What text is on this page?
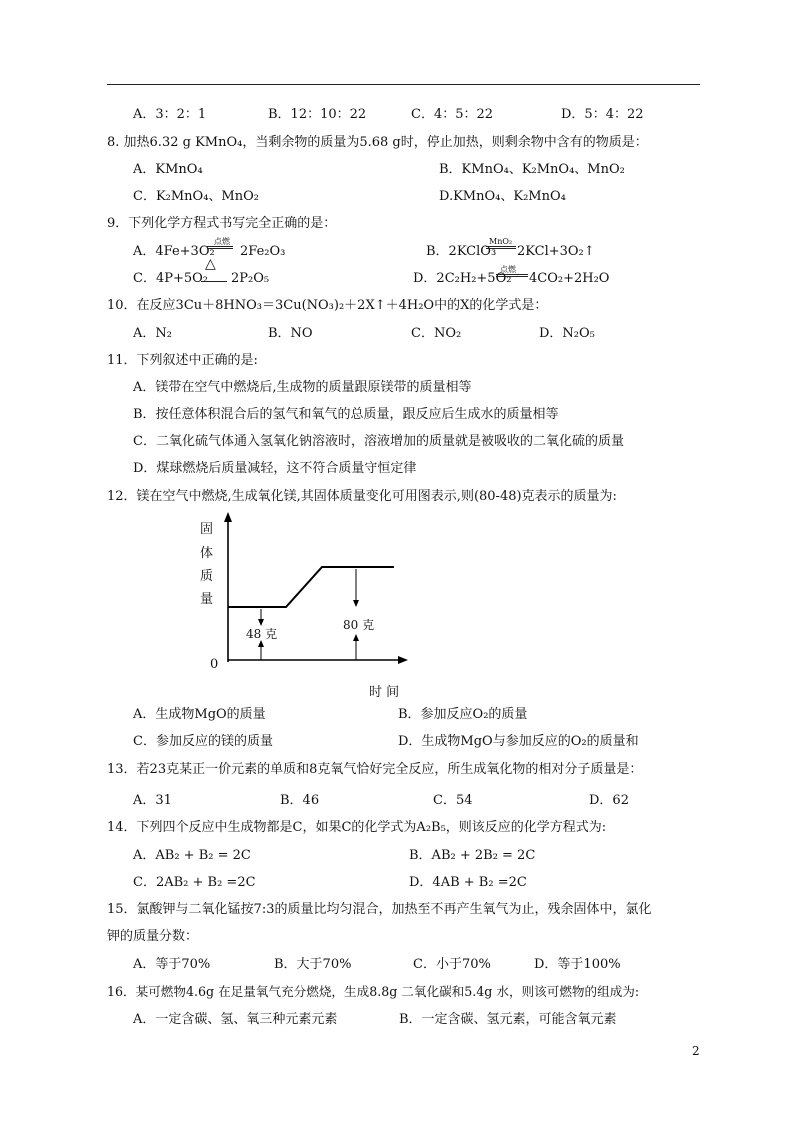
A．3：2：1	B．12：10：22	C．4：5：22	D．5：4：22
8. 加热6.32 g KMnO₄，当剩余物的质量为5.68 g时，停止加热，则剩余物中含有的物质是：
A．KMnO₄	B．KMnO₄、K₂MnO₄、MnO₂
C．K₂MnO₄、MnO₂	D.KMnO₄、K₂MnO₄
9．下列化学方程式书写完全正确的是：
A．4Fe+3O₂
点燃
2Fe₂O₃	B．2KClO₃
MnO₂
2KCl+3O₂↑
C．4P+5O₂
△
2P₂O₅	D．2C₂H₂+5O₂
点燃
4CO₂+2H₂O
10．在反应3Cu＋8HNO₃＝3Cu(NO₃)₂＋2X↑＋4H₂O中的X的化学式是：
A．N₂	B．NO	C．NO₂	D．N₂O₅
11．下列叙述中正确的是:
A．镁带在空气中燃烧后,生成物的质量跟原镁带的质量相等
B．按任意体积混合后的氢气和氧气的总质量，跟反应后生成水的质量相等
C．二氧化硫气体通入氢氧化钠溶液时，溶液增加的质量就是被吸收的二氧化硫的质量
D．煤球燃烧后质量减轻，这不符合质量守恒定律
12．镁在空气中燃烧,生成氧化镁,其固体质量变化可用图表示,则(80-48)克表示的质量为:
固
体
质
量
0
48 克
80 克
时 间
A．生成物MgO的质量	B．参加反应O₂的质量
C．参加反应的镁的质量	D．生成物MgO与参加反应的O₂的质量和
13．若23克某正一价元素的单质和8克氧气恰好完全反应，所生成氧化物的相对分子质量是：
A．31	B．46	C．54	D．62
14．下列四个反应中生成物都是C，如果C的化学式为A₂B₅，则该反应的化学方程式为:
A．AB₂ + B₂ = 2C	B．AB₂ + 2B₂ = 2C
C．2AB₂ + B₂ =2C	D．4AB + B₂ =2C
15．氯酸钾与二氧化锰按7:3的质量比均匀混合，加热至不再产生氧气为止，残余固体中，氯化
钾的质量分数：
A．等于70%	B．大于70%	C．小于70%	D．等于100%
16．某可燃物4.6g 在足量氧气充分燃烧，生成8.8g 二氧化碳和5.4g 水，则该可燃物的组成为:
A．一定含碳、氢、氧三种元素元素	B．一定含碳、氢元素，可能含氧元素
2
